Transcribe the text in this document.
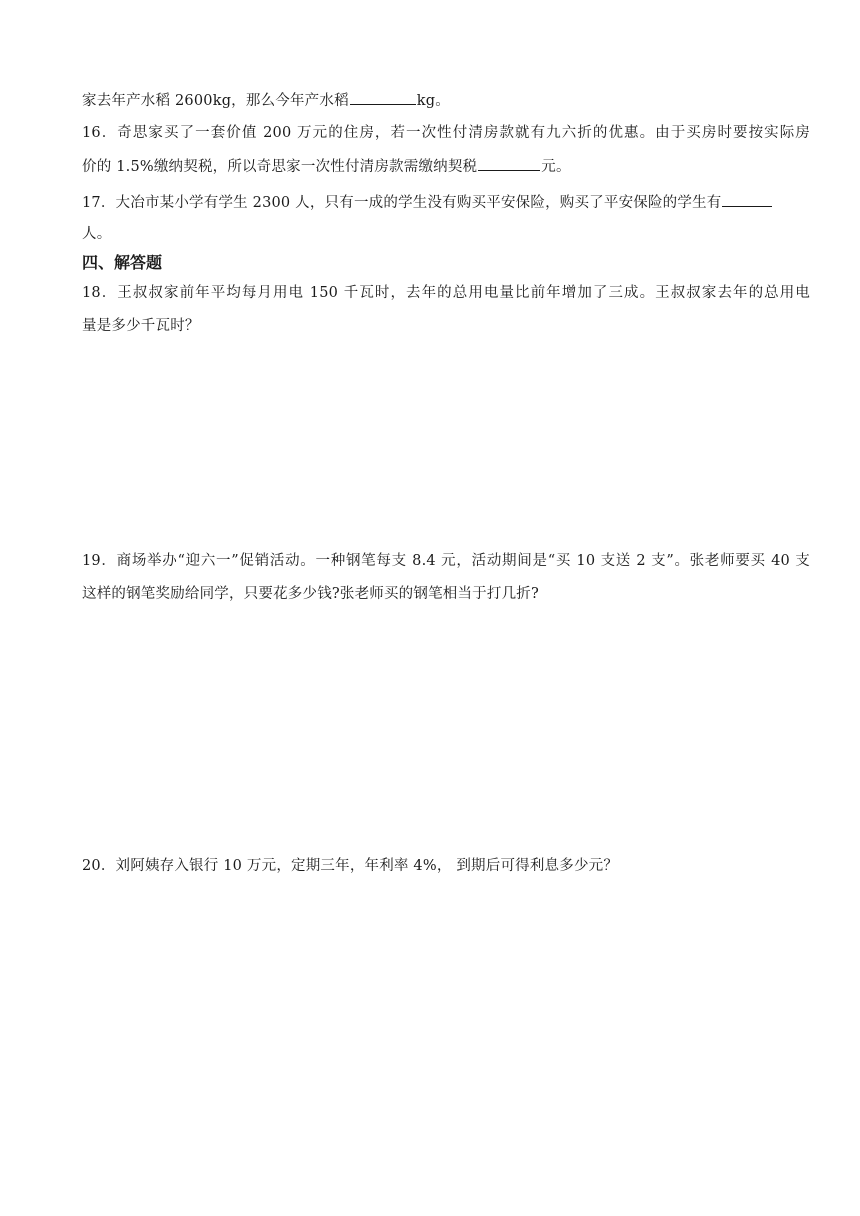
家去年产水稻 2600kg，那么今年产水稻	kg。
16．奇思家买了一套价值 200 万元的住房，若一次性付清房款就有九六折的优惠。由于买房时要按实际房
价的 1.5%缴纳契税，所以奇思家一次性付清房款需缴纳契税	元。
17．大冶市某小学有学生 2300 人，只有一成的学生没有购买平安保险，购买了平安保险的学生有
人。
四、解答题
18．王叔叔家前年平均每月用电 150 千瓦时，去年的总用电量比前年增加了三成。王叔叔家去年的总用电
量是多少千瓦时？
19．商场举办“迎六一”促销活动。一种钢笔每支 8.4 元，活动期间是“买 10 支送 2 支”。张老师要买 40 支
这样的钢笔奖励给同学，只要花多少钱?张老师买的钢笔相当于打几折?
20．刘阿姨存入银行 10 万元，定期三年，年利率 4%， 到期后可得利息多少元？
